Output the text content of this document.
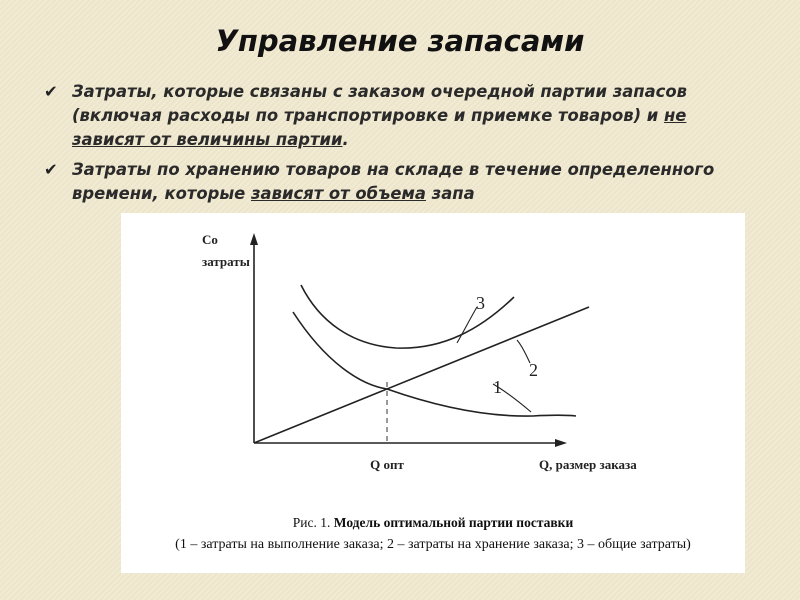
Управление запасами
✔ Затраты, которые связаны с заказом очередной партии запасов (включая расходы по транспортировке и приемке товаров) и не зависят от величины партии.
✔ Затраты по хранению товаров на складе в течение определенного времени, которые зависят от объема запа
3
2
1
Co
затраты
Q опт	Q, размер заказа
Рис. 1. Модель оптимальной партии поставки
(1 – затраты на выполнение заказа; 2 – затраты на хранение заказа; 3 – общие затраты)
